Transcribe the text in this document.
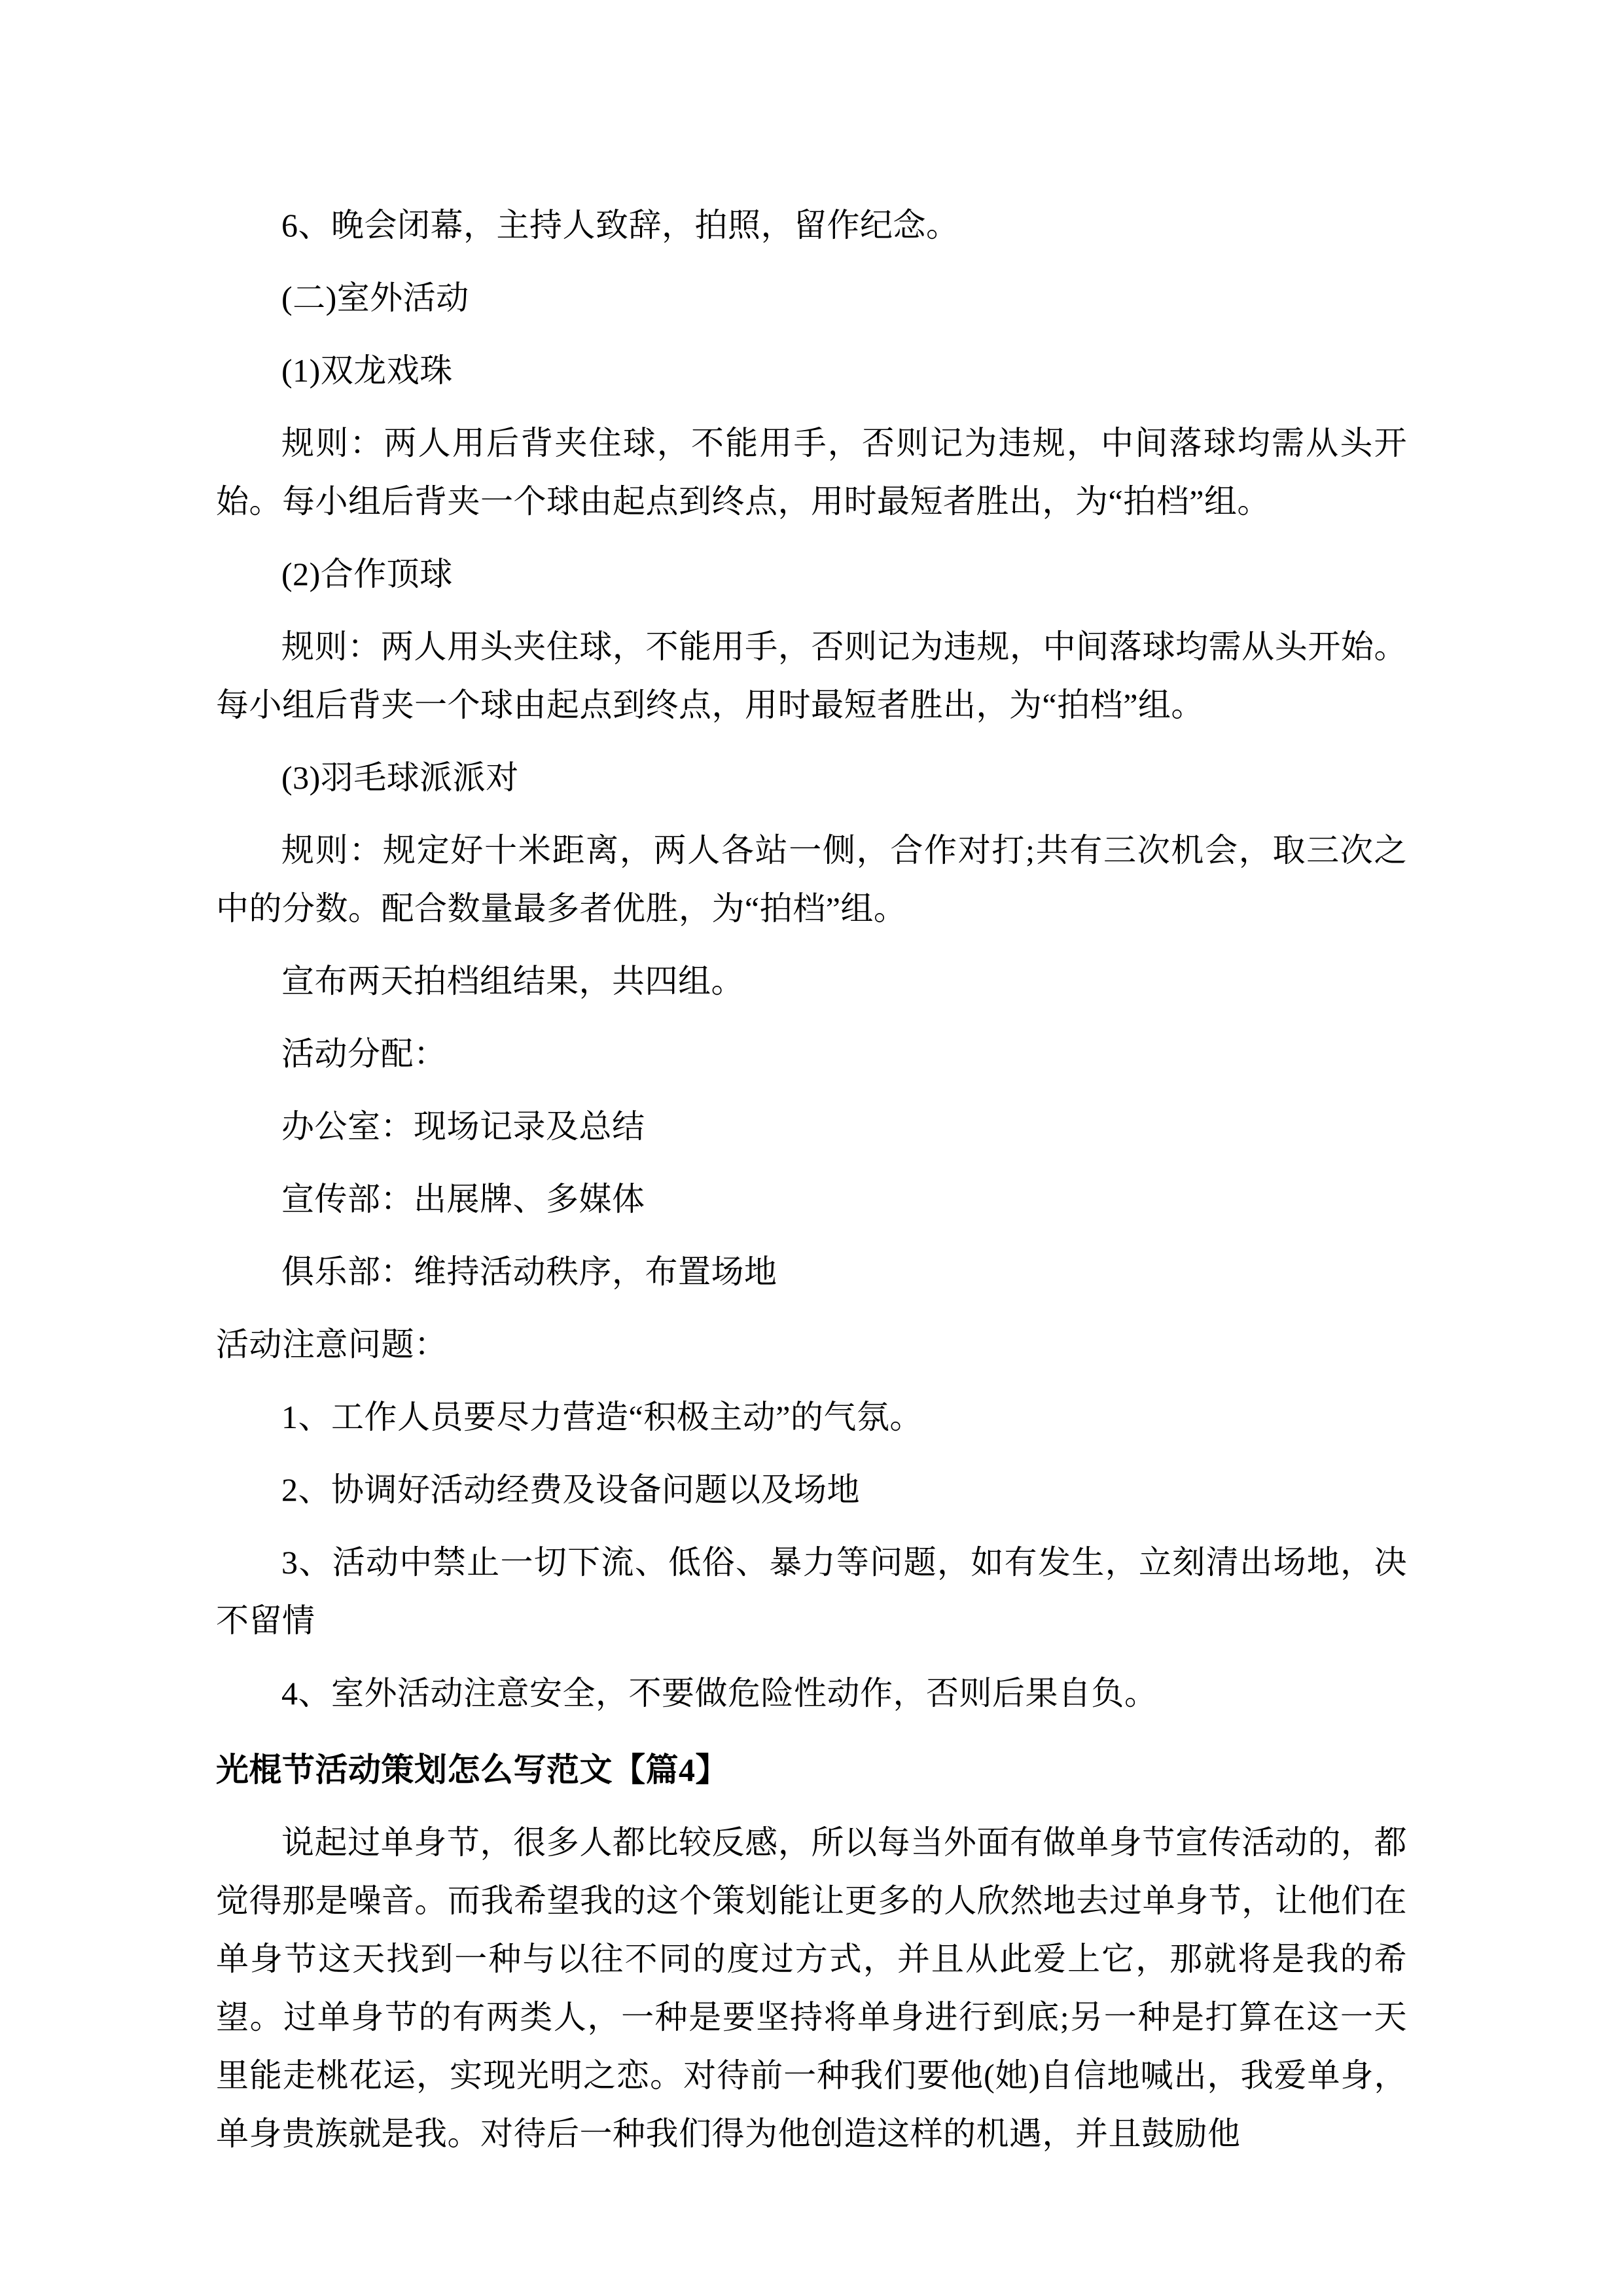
6、晚会闭幕，主持人致辞，拍照，留作纪念。

(二)室外活动

(1)双龙戏珠

规则：两人用后背夹住球，不能用手，否则记为违规，中间落球均需从头开始。每小组后背夹一个球由起点到终点，用时最短者胜出，为“拍档”组。

(2)合作顶球

规则：两人用头夹住球，不能用手，否则记为违规，中间落球均需从头开始。每小组后背夹一个球由起点到终点，用时最短者胜出，为“拍档”组。

(3)羽毛球派派对

规则：规定好十米距离，两人各站一侧，合作对打;共有三次机会，取三次之中的分数。配合数量最多者优胜，为“拍档”组。

宣布两天拍档组结果，共四组。

活动分配：

办公室：现场记录及总结

宣传部：出展牌、多媒体

俱乐部：维持活动秩序，布置场地

活动注意问题：

1、工作人员要尽力营造“积极主动”的气氛。

2、协调好活动经费及设备问题以及场地

3、活动中禁止一切下流、低俗、暴力等问题，如有发生，立刻清出场地，决不留情

4、室外活动注意安全，不要做危险性动作，否则后果自负。

光棍节活动策划怎么写范文【篇4】

说起过单身节，很多人都比较反感，所以每当外面有做单身节宣传活动的，都觉得那是噪音。而我希望我的这个策划能让更多的人欣然地去过单身节，让他们在单身节这天找到一种与以往不同的度过方式，并且从此爱上它，那就将是我的希望。过单身节的有两类人，一种是要坚持将单身进行到底;另一种是打算在这一天里能走桃花运，实现光明之恋。对待前一种我们要他(她)自信地喊出，我爱单身，单身贵族就是我。对待后一种我们得为他创造这样的机遇，并且鼓励他
